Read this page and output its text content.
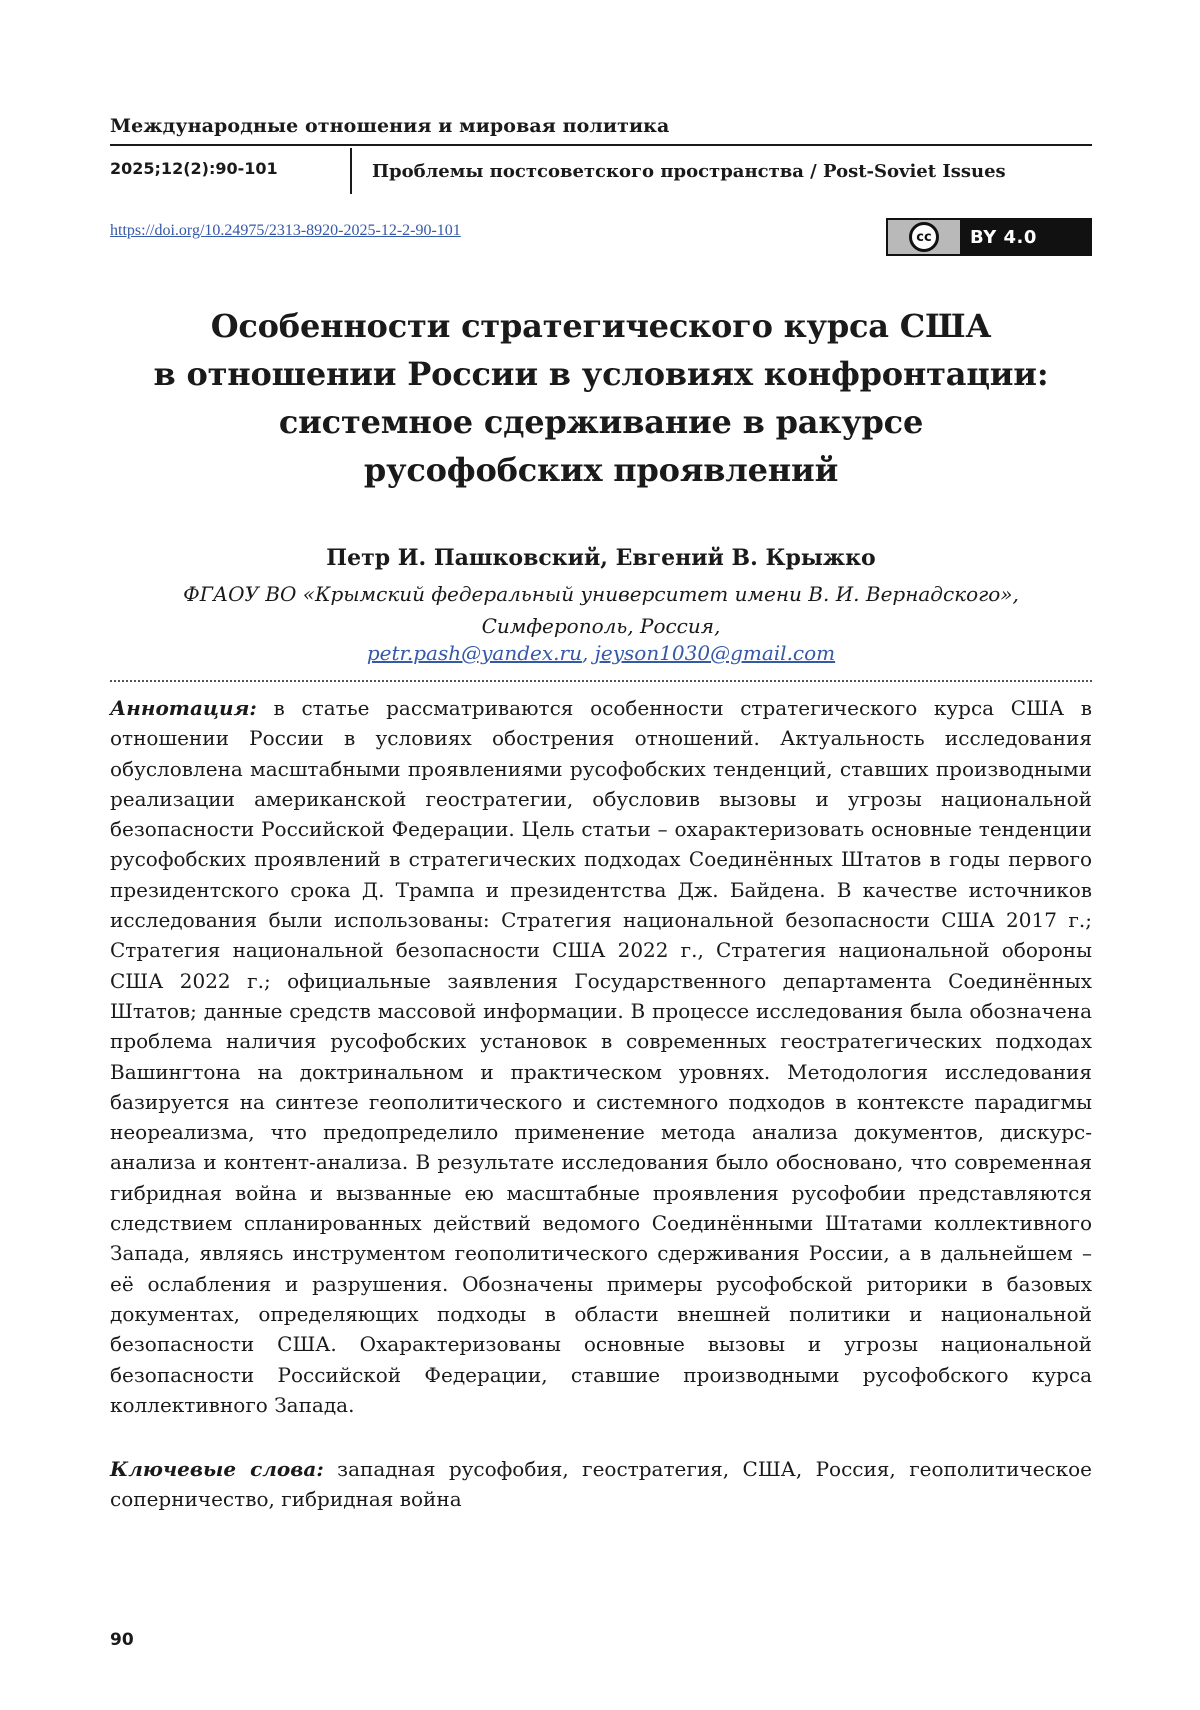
Международные отношения и мировая политика
2025;12(2):90-101	Проблемы постсоветского пространства / Post-Soviet Issues
https://doi.org/10.24975/2313-8920-2025-12-2-90-101	cc	BY 4.0
Особенности стратегического курса США
в отношении России в условиях конфронтации:
системное сдерживание в ракурсе
русофобских проявлений
Петр И. Пашковский, Евгений В. Крыжко
ФГАОУ ВО «Крымский федеральный университет имени В. И. Вернадского»,
Симферополь, Россия,
petr.pash@yandex.ru, jeyson1030@gmail.com
Аннотация: в статье рассматриваются особенности стратегического курса США в отношении России в условиях обострения отношений. Актуальность исследования обусловлена масштабными проявлениями русофобских тенденций, ставших производными реализации американской геостратегии, обусловив вызовы и угрозы национальной безопасности Российской Федерации. Цель статьи – охарактеризовать основные тенденции русофобских проявлений в стратегических подходах Соединённых Штатов в годы первого президентского срока Д. Трампа и президентства Дж. Байдена. В качестве источников исследования были использованы: Стратегия национальной безопасности США 2017 г.; Стратегия национальной безопасности США 2022 г., Стратегия национальной обороны США 2022 г.; официальные заявления Государственного департамента Соединённых Штатов; данные средств массовой информации. В процессе исследования была обозначена проблема наличия русофобских установок в современных геостратегических подходах Вашингтона на доктринальном и практическом уровнях. Методология исследования базируется на синтезе геополитического и системного подходов в контексте парадигмы неореализма, что предопределило применение метода анализа документов, дискурс-анализа и контент-анализа. В результате исследования было обосновано, что современная гибридная война и вызванные ею масштабные проявления русофобии представляются следствием спланированных действий ведомого Соединёнными Штатами коллективного Запада, являясь инструментом геополитического сдерживания России, а в дальнейшем – её ослабления и разрушения. Обозначены примеры русофобской риторики в базовых документах, определяющих подходы в области внешней политики и национальной безопасности США. Охарактеризованы основные вызовы и угрозы национальной безопасности Российской Федерации, ставшие производными русофобского курса коллективного Запада.
Ключевые слова: западная русофобия, геостратегия, США, Россия, геополитическое соперничество, гибридная война
90
